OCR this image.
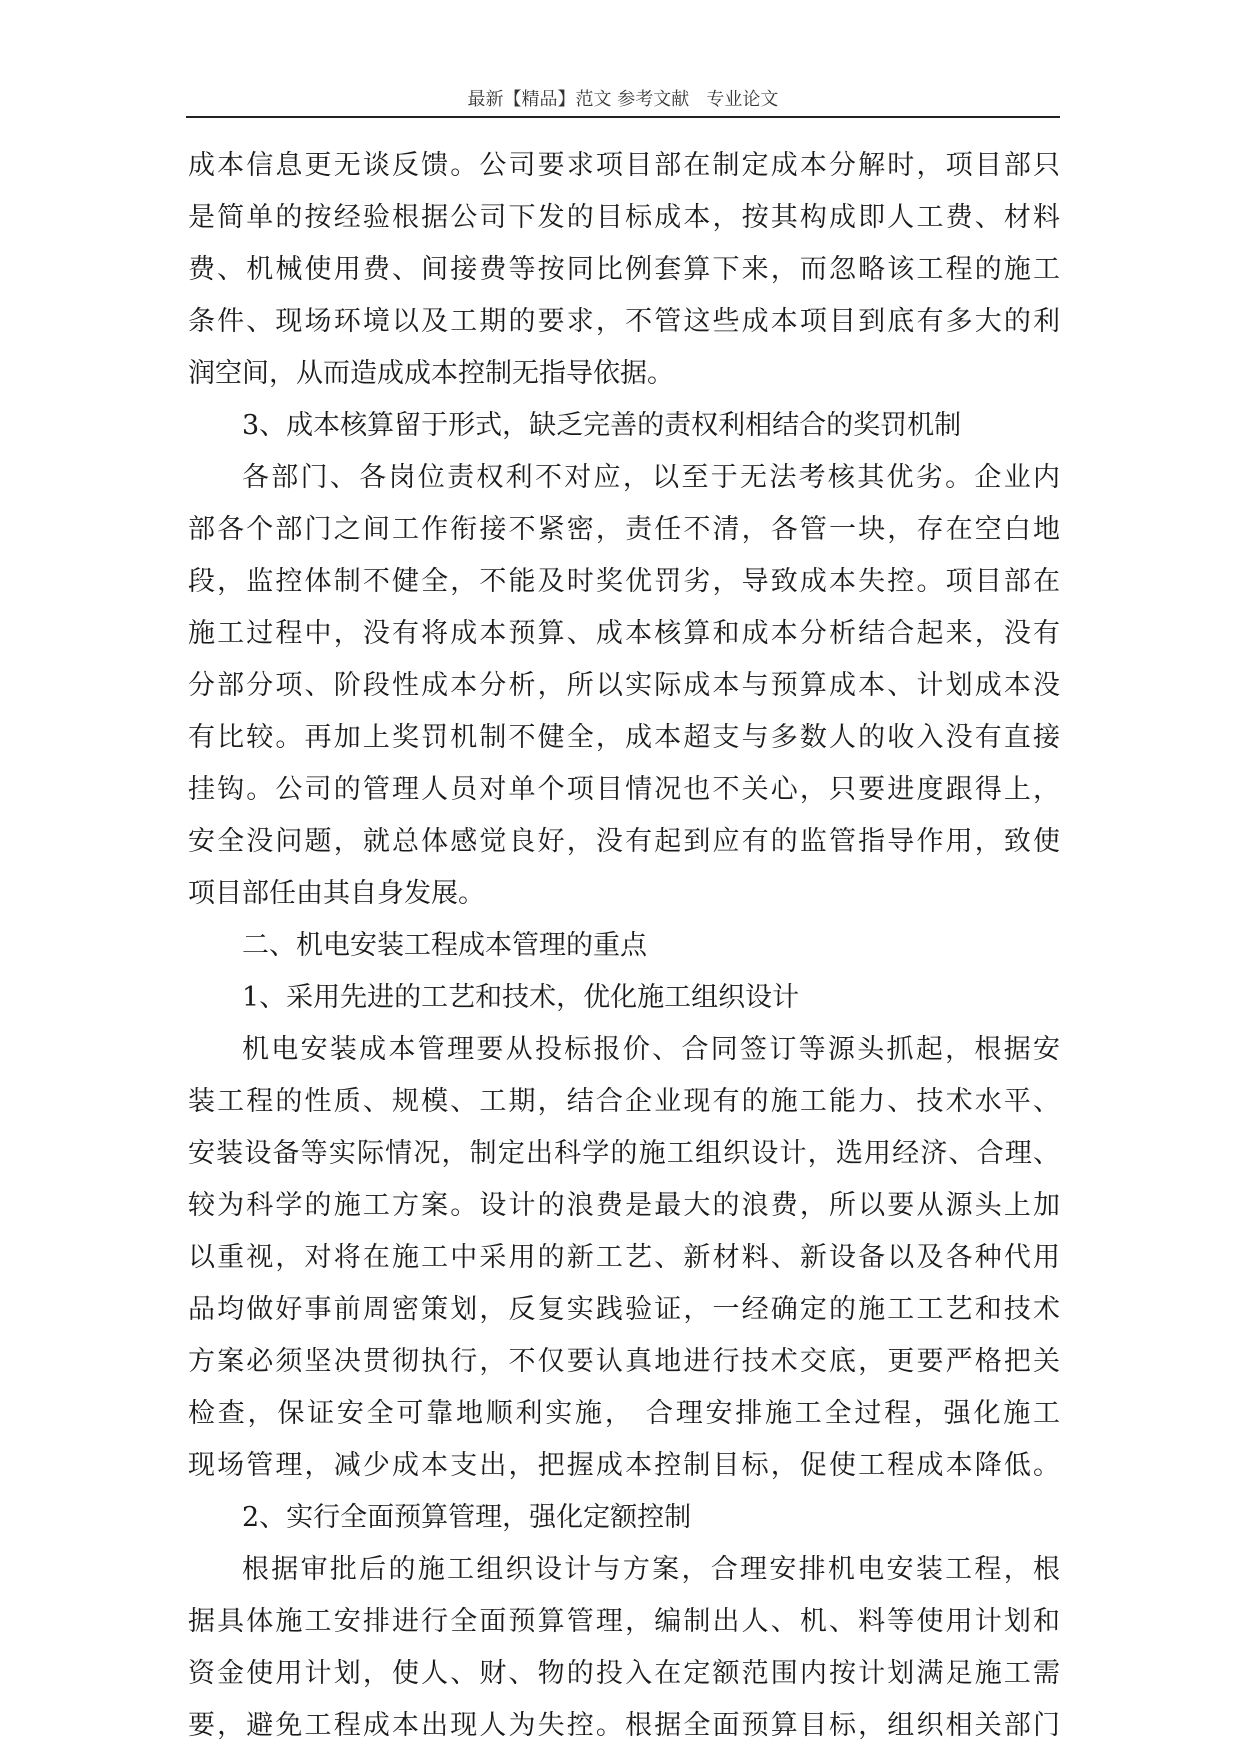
最新【精品】范文 参考文献   专业论文
成本信息更无谈反馈。公司要求项目部在制定成本分解时，项目部只
是简单的按经验根据公司下发的目标成本，按其构成即人工费、材料
费、机械使用费、间接费等按同比例套算下来，而忽略该工程的施工
条件、现场环境以及工期的要求，不管这些成本项目到底有多大的利
润空间，从而造成成本控制无指导依据。
3、成本核算留于形式，缺乏完善的责权利相结合的奖罚机制
各部门、各岗位责权利不对应，以至于无法考核其优劣。企业内
部各个部门之间工作衔接不紧密，责任不清，各管一块，存在空白地
段，监控体制不健全，不能及时奖优罚劣，导致成本失控。项目部在
施工过程中，没有将成本预算、成本核算和成本分析结合起来，没有
分部分项、阶段性成本分析，所以实际成本与预算成本、计划成本没
有比较。再加上奖罚机制不健全，成本超支与多数人的收入没有直接
挂钩。公司的管理人员对单个项目情况也不关心，只要进度跟得上，
安全没问题，就总体感觉良好，没有起到应有的监管指导作用，致使
项目部任由其自身发展。
二、机电安装工程成本管理的重点
1、采用先进的工艺和技术，优化施工组织设计
机电安装成本管理要从投标报价、合同签订等源头抓起，根据安
装工程的性质、规模、工期，结合企业现有的施工能力、技术水平、
安装设备等实际情况，制定出科学的施工组织设计，选用经济、合理、
较为科学的施工方案。设计的浪费是最大的浪费，所以要从源头上加
以重视，对将在施工中采用的新工艺、新材料、新设备以及各种代用
品均做好事前周密策划，反复实践验证，一经确定的施工工艺和技术
方案必须坚决贯彻执行，不仅要认真地进行技术交底，更要严格把关
检查，保证安全可靠地顺利实施， 合理安排施工全过程，强化施工
现场管理，减少成本支出，把握成本控制目标，促使工程成本降低。
2、实行全面预算管理，强化定额控制
根据审批后的施工组织设计与方案，合理安排机电安装工程，根
据具体施工安排进行全面预算管理，编制出人、机、料等使用计划和
资金使用计划，使人、财、物的投入在定额范围内按计划满足施工需
要，避免工程成本出现人为失控。根据全面预算目标，组织相关部门
